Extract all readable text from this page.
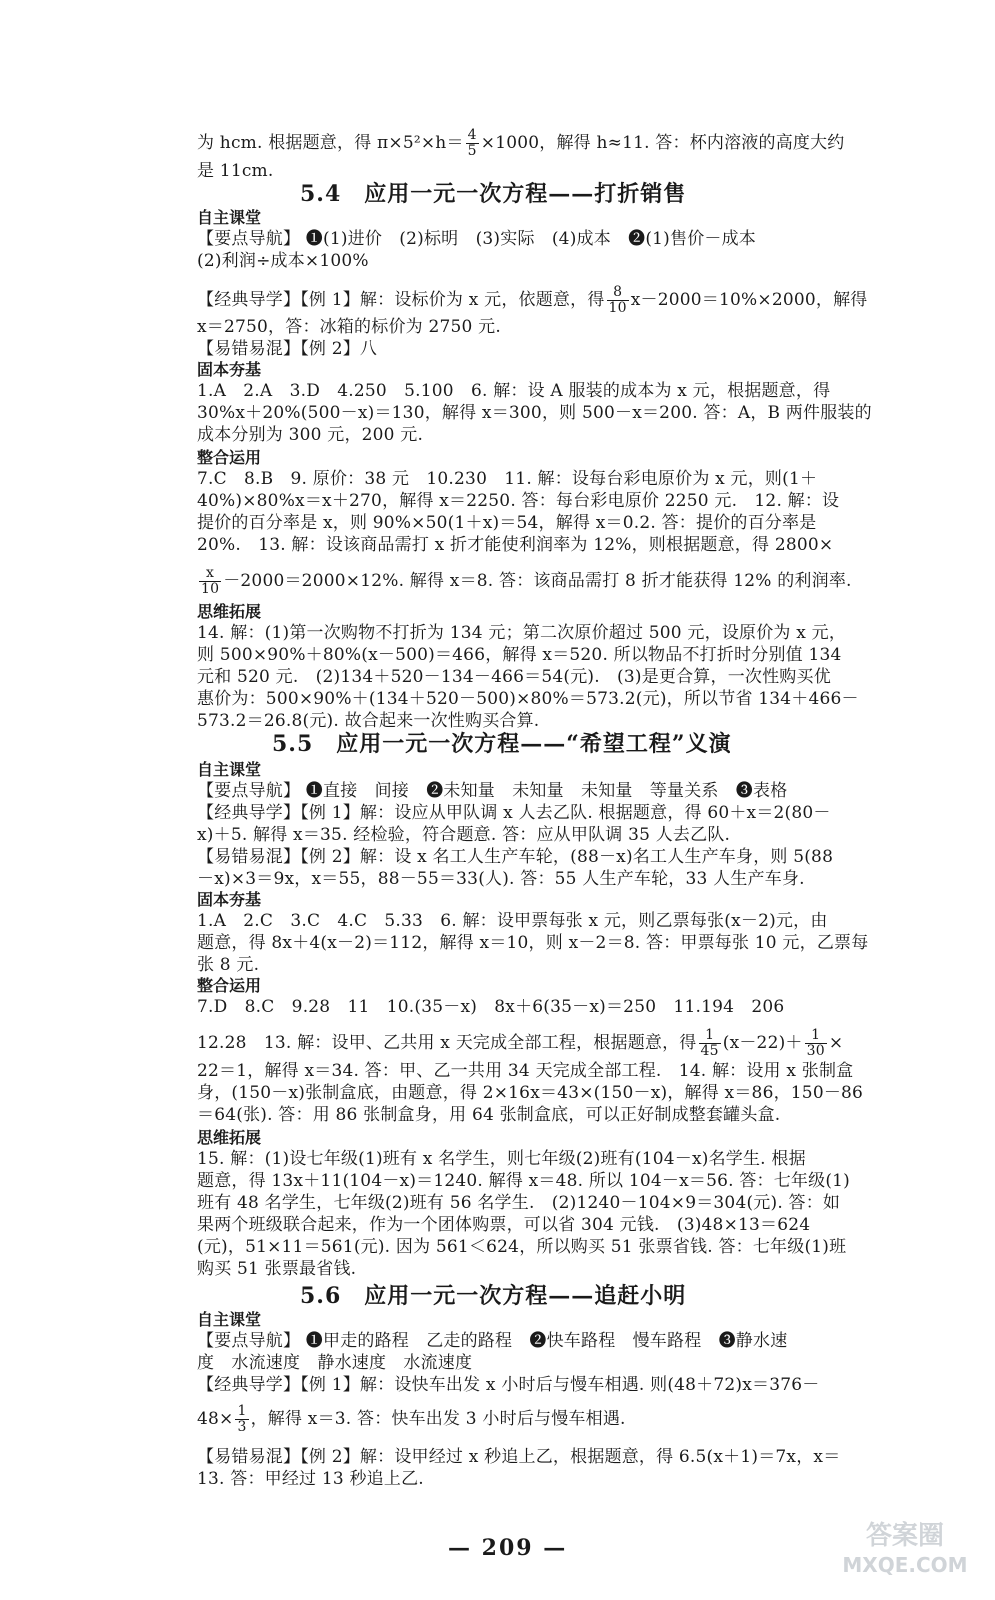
为 hcm. 根据题意，得 $\pi\times 5^2\times h= \frac{4}{5} \times 1000$，解得 h≈11. 答：杯内溶液的高度大约
是 11cm.
5.4　应用一元一次方程——打折销售
自主课堂
【要点导航】 ❶(1)进价　(2)标明　(3)实际　(4)成本　❷(1)售价－成本
(2)利润÷成本×100%
【经典导学】【例 1】解：设标价为 x 元，依题意，得 $\frac{8}{10} x-2000=10\%\times 2000$，解得
x＝2750，答：冰箱的标价为 2750 元.
【易错易混】【例 2】八
固本夯基
1.A　2.A　3.D　4.250　5.100　6. 解：设 A 服装的成本为 x 元，根据题意，得
30%x＋20%(500－x)＝130，解得 x＝300，则 500－x＝200. 答：A，B 两件服装的
成本分别为 300 元，200 元.
整合运用
7.C　8.B　9. 原价：38 元　10.230　11. 解：设每台彩电原价为 x 元，则(1＋
40%)×80%x＝x＋270，解得 x＝2250. 答：每台彩电原价 2250 元.　12. 解：设
提价的百分率是 x，则 90%×50(1＋x)＝54，解得 x＝0.2. 答：提价的百分率是
20%.　13. 解：设该商品需打 x 折才能使利润率为 12%，则根据题意，得 2800×
$\frac{x}{10} -2000=2000\times 12\%$. 解得 x＝8. 答：该商品需打 8 折才能获得 12% 的利润率.
思维拓展
14. 解：(1)第一次购物不打折为 134 元；第二次原价超过 500 元，设原价为 x 元，
则 500×90%＋80%(x－500)＝466，解得 x＝520. 所以物品不打折时分别值 134
元和 520 元.　(2)134＋520－134－466＝54(元).　(3)是更合算，一次性购买优
惠价为：500×90%＋(134＋520－500)×80%＝573.2(元)，所以节省 134＋466－
573.2＝26.8(元). 故合起来一次性购买合算.
5.5　应用一元一次方程——“希望工程”义演
自主课堂
【要点导航】 ❶直接　间接　❷未知量　未知量　未知量　等量关系　❸表格
【经典导学】【例 1】解：设应从甲队调 x 人去乙队. 根据题意，得 60＋x＝2(80－
x)＋5. 解得 x＝35. 经检验，符合题意. 答：应从甲队调 35 人去乙队.
【易错易混】【例 2】解：设 x 名工人生产车轮，(88－x)名工人生产车身，则 5(88
－x)×3＝9x，x＝55，88－55＝33(人). 答：55 人生产车轮，33 人生产车身.
固本夯基
1.A　2.C　3.C　4.C　5.33　6. 解：设甲票每张 x 元，则乙票每张(x－2)元，由
题意，得 8x＋4(x－2)＝112，解得 x＝10，则 x－2＝8. 答：甲票每张 10 元，乙票每
张 8 元.
整合运用
7.D　8.C　9.28　11　10.(35－x)　8x＋6(35－x)＝250　11.194　206
12.28　13. 解：设甲、乙共用 x 天完成全部工程，根据题意，得 $\frac{1}{45} (x-22)+ \frac{1}{30}$ ×
22＝1，解得 x＝34. 答：甲、乙一共用 34 天完成全部工程.　14. 解：设用 x 张制盒
身，(150－x)张制盒底，由题意，得 2×16x＝43×(150－x)，解得 x＝86，150－86
＝64(张). 答：用 86 张制盒身，用 64 张制盒底，可以正好制成整套罐头盒.
思维拓展
15. 解：(1)设七年级(1)班有 x 名学生，则七年级(2)班有(104－x)名学生. 根据
题意，得 13x＋11(104－x)＝1240. 解得 x＝48. 所以 104－x＝56. 答：七年级(1)
班有 48 名学生，七年级(2)班有 56 名学生.　(2)1240－104×9＝304(元). 答：如
果两个班级联合起来，作为一个团体购票，可以省 304 元钱.　(3)48×13＝624
(元)，51×11＝561(元). 因为 561＜624，所以购买 51 张票省钱. 答：七年级(1)班
购买 51 张票最省钱.
5.6　应用一元一次方程——追赶小明
自主课堂
【要点导航】 ❶甲走的路程　乙走的路程　❷快车路程　慢车路程　❸静水速
度　水流速度　静水速度　水流速度
【经典导学】【例 1】解：设快车出发 x 小时后与慢车相遇. 则(48＋72)x＝376－
$48\times \frac{1}{3}$ ，解得 x＝3. 答：快车出发 3 小时后与慢车相遇.
【易错易混】【例 2】解：设甲经过 x 秒追上乙，根据题意，得 6.5(x＋1)＝7x，x＝
13. 答：甲经过 13 秒追上乙.
— 209 —	答案圈
MXQE.COM
